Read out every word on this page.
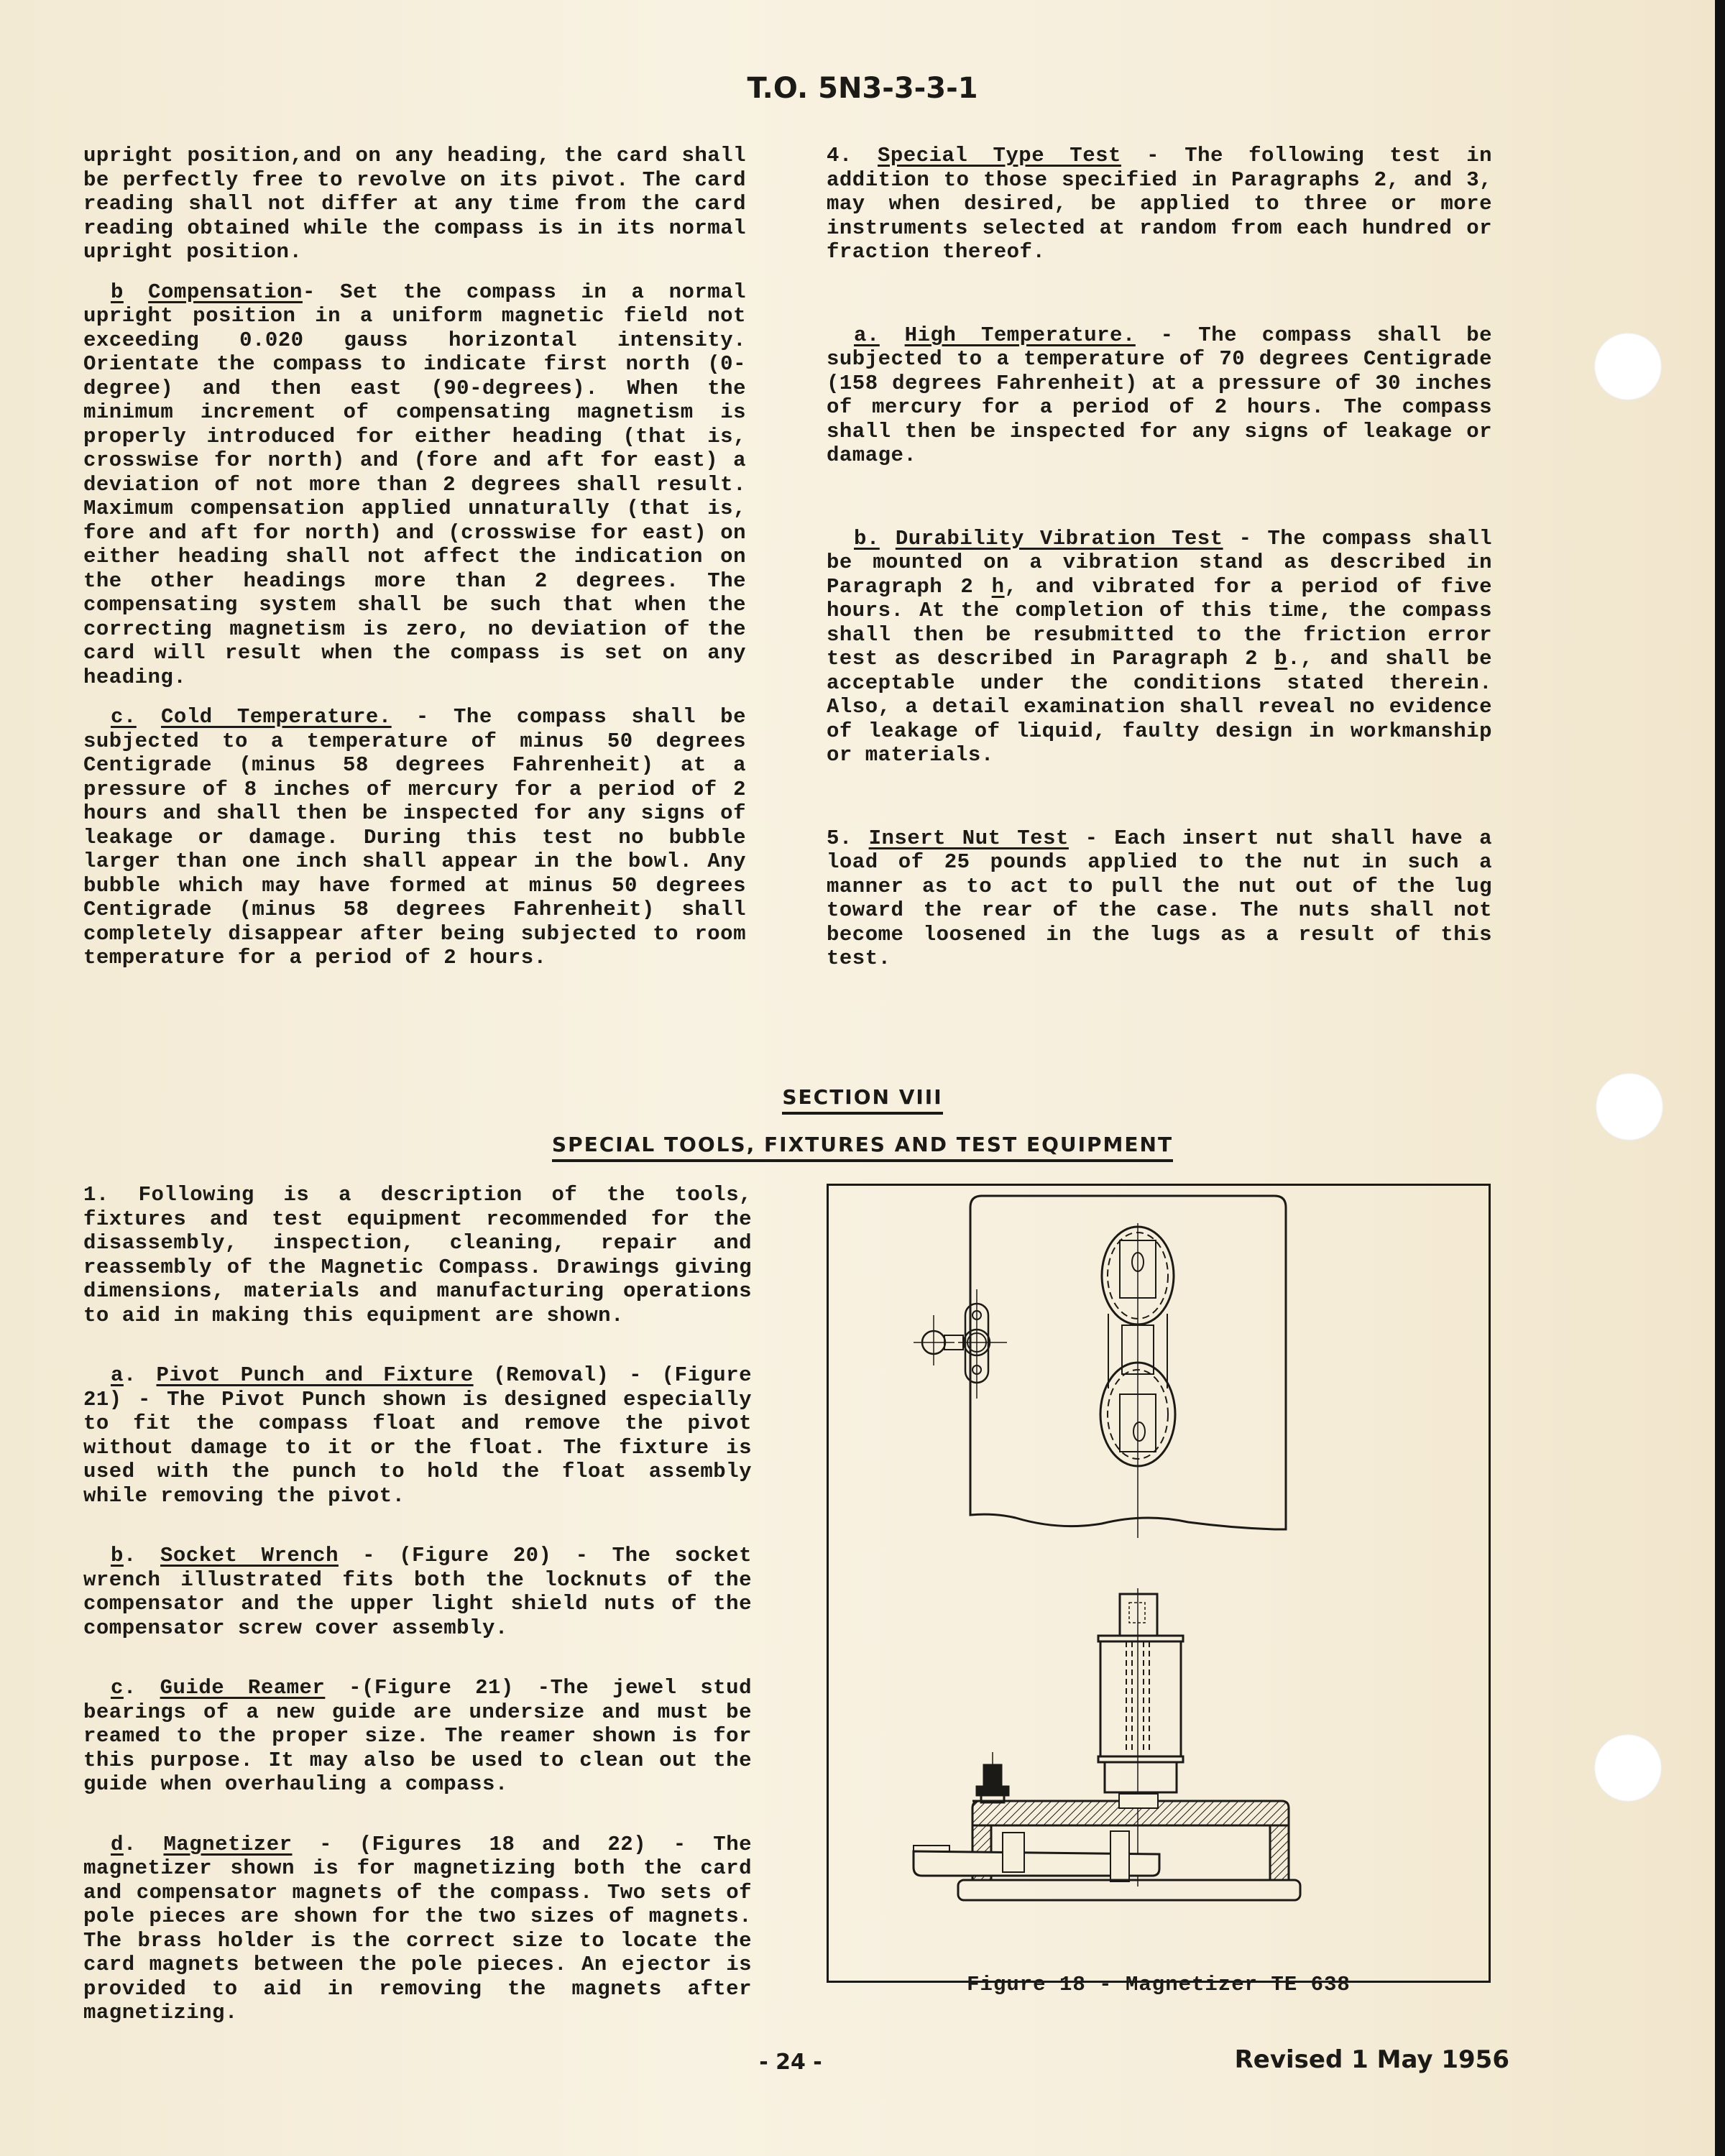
T.O. 5N3-3-3-1

upright position,and on any heading, the card shall be perfectly free to revolve on its pivot. The card reading shall not differ at any time from the card reading obtained while the compass is in its normal upright position.

b Compensation- Set the compass in a normal upright position in a uniform magnetic field not exceeding 0.020 gauss horizontal intensity. Orientate the compass to indicate first north (0-degree) and then east (90-degrees). When the minimum increment of compensating magnetism is properly introduced for either heading (that is, crosswise for north) and (fore and aft for east) a deviation of not more than 2 degrees shall result. Maximum compensation applied unnaturally (that is, fore and aft for north) and (crosswise for east) on either heading shall not affect the indication on the other headings more than 2 degrees. The compensating system shall be such that when the correcting magnetism is zero, no deviation of the card will result when the compass is set on any heading.

c. Cold Temperature. - The compass shall be subjected to a temperature of minus 50 degrees Centigrade (minus 58 degrees Fahrenheit) at a pressure of 8 inches of mercury for a period of 2 hours and shall then be inspected for any signs of leakage or damage. During this test no bubble larger than one inch shall appear in the bowl. Any bubble which may have formed at minus 50 degrees Centigrade (minus 58 degrees Fahrenheit) shall completely disappear after being subjected to room temperature for a period of 2 hours.

4. Special Type Test - The following test in addition to those specified in Paragraphs 2, and 3, may when desired, be applied to three or more instruments selected at random from each hundred or fraction thereof.

a. High Temperature. - The compass shall be subjected to a temperature of 70 degrees Centigrade (158 degrees Fahrenheit) at a pressure of 30 inches of mercury for a period of 2 hours. The compass shall then be inspected for any signs of leakage or damage.

b. Durability Vibration Test - The compass shall be mounted on a vibration stand as described in Paragraph 2 h, and vibrated for a period of five hours. At the completion of this time, the compass shall then be resubmitted to the friction error test as described in Paragraph 2 b., and shall be acceptable under the conditions stated therein. Also, a detail examination shall reveal no evidence of leakage of liquid, faulty design in workmanship or materials.

5. Insert Nut Test - Each insert nut shall have a load of 25 pounds applied to the nut in such a manner as to act to pull the nut out of the lug toward the rear of the case. The nuts shall not become loosened in the lugs as a result of this test.

SECTION VIII
SPECIAL TOOLS, FIXTURES AND TEST EQUIPMENT

1. Following is a description of the tools, fixtures and test equipment recommended for the disassembly, inspection, cleaning, repair and reassembly of the Magnetic Compass. Drawings giving dimensions, materials and manufacturing operations to aid in making this equipment are shown.

a. Pivot Punch and Fixture (Removal) - (Figure 21) - The Pivot Punch shown is designed especially to fit the compass float and remove the pivot without damage to it or the float. The fixture is used with the punch to hold the float assembly while removing the pivot.

b. Socket Wrench - (Figure 20) - The socket wrench illustrated fits both the locknuts of the compensator and the upper light shield nuts of the compensator screw cover assembly.

c. Guide Reamer -(Figure 21) -The jewel stud bearings of a new guide are undersize and must be reamed to the proper size. The reamer shown is for this purpose. It may also be used to clean out the guide when overhauling a compass.

d. Magnetizer - (Figures 18 and 22) - The magnetizer shown is for magnetizing both the card and compensator magnets of the compass. Two sets of pole pieces are shown for the two sizes of magnets. The brass holder is the correct size to locate the card magnets between the pole pieces. An ejector is provided to aid in removing the magnets after magnetizing.

Figure 18 - Magnetizer TE 638
- 24 -	Revised 1 May 1956
